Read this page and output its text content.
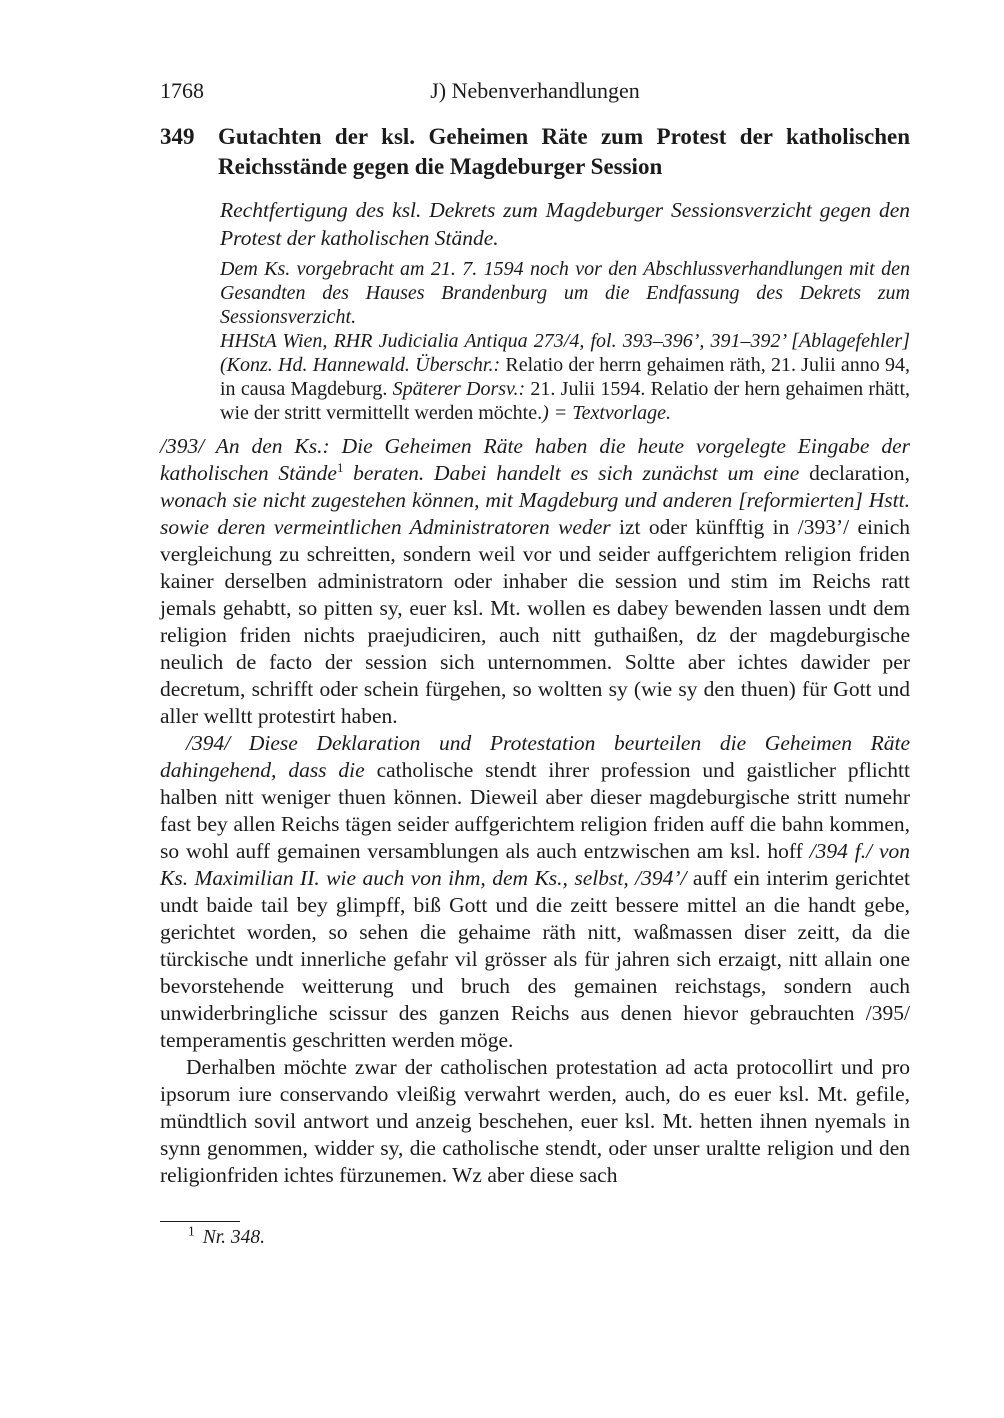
1768	J) Nebenverhandlungen
349	Gutachten der ksl. Geheimen Räte zum Protest der katholischen Reichsstände gegen die Magdeburger Session

Rechtfertigung des ksl. Dekrets zum Magdeburger Sessionsverzicht gegen den Protest der katholischen Stände.

Dem Ks. vorgebracht am 21. 7. 1594 noch vor den Abschlussverhandlungen mit den Gesandten des Hauses Brandenburg um die Endfassung des Dekrets zum Sessionsverzicht.

HHStA Wien, RHR Judicialia Antiqua 273/4, fol. 393–396’, 391–392’ [Ablagefehler] (Konz. Hd. Hannewald. Überschr.: Relatio der herrn gehaimen räth, 21. Julii anno 94, in causa Magdeburg. Späterer Dorsv.: 21. Julii 1594. Relatio der hern gehaimen rhätt, wie der stritt vermittellt werden möchte.) = Textvorlage.

/393/ An den Ks.: Die Geheimen Räte haben die heute vorgelegte Eingabe der katholischen Stände$^1$ beraten. Dabei handelt es sich zunächst um eine declaration, wonach sie nicht zugestehen können, mit Magdeburg und anderen [reformierten] Hstt. sowie deren vermeintlichen Administratoren weder izt oder künfftig in /393’/ einich vergleichung zu schreitten, sondern weil vor und seider auffgerichtem religion friden kainer derselben administratorn oder inhaber die session und stim im Reichs ratt jemals gehabtt, so pitten sy, euer ksl. Mt. wollen es dabey bewenden lassen undt dem religion friden nichts praejudiciren, auch nitt guthaißen, dz der magdeburgische neulich de facto der session sich unternommen. Soltte aber ichtes dawider per decretum, schrifft oder schein fürgehen, so woltten sy (wie sy den thuen) für Gott und aller welltt protestirt haben.

/394/ Diese Deklaration und Protestation beurteilen die Geheimen Räte dahingehend, dass die catholische stendt ihrer profession und gaistlicher pflichtt halben nitt weniger thuen können. Dieweil aber dieser magdeburgische stritt numehr fast bey allen Reichs tägen seider auffgerichtem religion friden auff die bahn kommen, so wohl auff gemainen versamblungen als auch entzwischen am ksl. hoff /394 f./ von Ks. Maximilian II. wie auch von ihm, dem Ks., selbst, /394’/ auff ein interim gerichtet undt baide tail bey glimpff, biß Gott und die zeitt bessere mittel an die handt gebe, gerichtet worden, so sehen die gehaime räth nitt, waßmassen diser zeitt, da die türckische undt innerliche gefahr vil grösser als für jahren sich erzaigt, nitt allain one bevorstehende weitterung und bruch des gemainen reichstags, sondern auch unwiderbringliche scissur des ganzen Reichs aus denen hievor gebrauchten /395/ temperamentis geschritten werden möge.

Derhalben möchte zwar der catholischen protestation ad acta protocollirt und pro ipsorum iure conservando vleißig verwahrt werden, auch, do es euer ksl. Mt. gefile, mündtlich sovil antwort und anzeig beschehen, euer ksl. Mt. hetten ihnen nyemals in synn genommen, widder sy, die catholische stendt, oder unser uraltte religion und den religionfriden ichtes fürzunemen. Wz aber diese sach

$^1$ Nr. 348.
